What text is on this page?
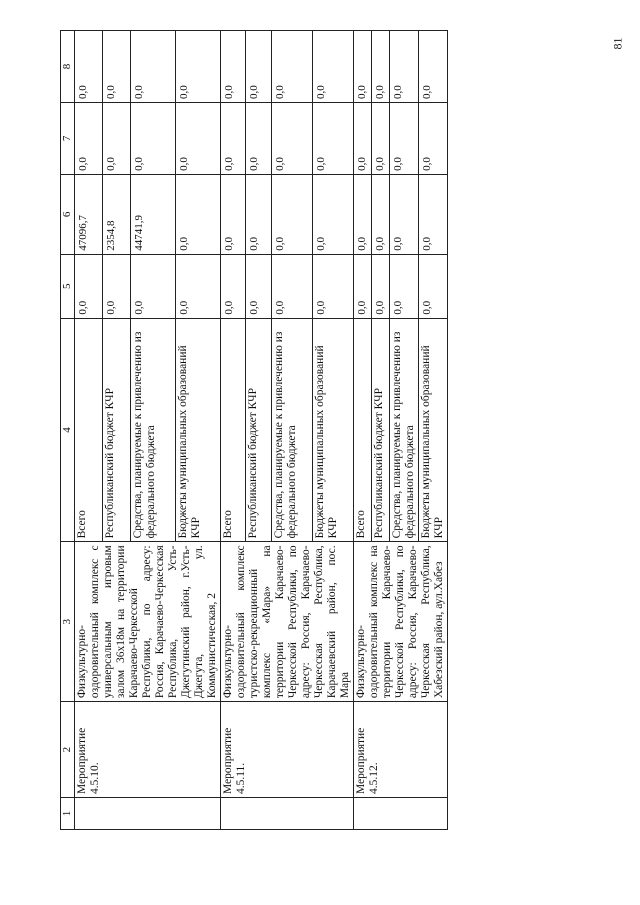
81
1	2	3	4	5	6	7	8
	Мероприятие 4.5.10.	Физкультурно-оздоровительный комплекс с универсальным игровым залом 36х18м на территории Карачаево-Черкесской Республики, по адресу: Россия, Карачаево-Черкесская Республика, Усть-Джегутинский район, г.Усть-Джегута, ул. Коммунистическая, 2	Всего	0,0	47096,7	0,0	0,0
			Республиканский бюджет КЧР	0,0	2354,8	0,0	0,0
			Средства, планируемые к привлечению из федерального бюджета	0,0	44741,9	0,0	0,0
			Бюджеты муниципальных образований КЧР	0,0	0,0	0,0	0,0
	Мероприятие 4.5.11.	Физкультурно-оздоровительный комплекс туристско-рекреационный комплекс «Мара» на территории Карачаево-Черкесской Республики, по адресу: Россия, Карачаево-Черкесская Республика, Карачаевский район, пос. Мара	Всего	0,0	0,0	0,0	0,0
			Республиканский бюджет КЧР	0,0	0,0	0,0	0,0
			Средства, планируемые к привлечению из федерального бюджета	0,0	0,0	0,0	0,0
			Бюджеты муниципальных образований КЧР	0,0	0,0	0,0	0,0
	Мероприятие 4.5.12.	Физкультурно-оздоровительный комплекс на территории Карачаево-Черкесской Республики, по адресу: Россия, Карачаево-Черкесская Республика, Хабезский район, аул.Хабез	Всего	0,0	0,0	0,0	0,0
			Республиканский бюджет КЧР	0,0	0,0	0,0	0,0
			Средства, планируемые к привлечению из федерального бюджета	0,0	0,0	0,0	0,0
			Бюджеты муниципальных образований КЧР	0,0	0,0	0,0	0,0
